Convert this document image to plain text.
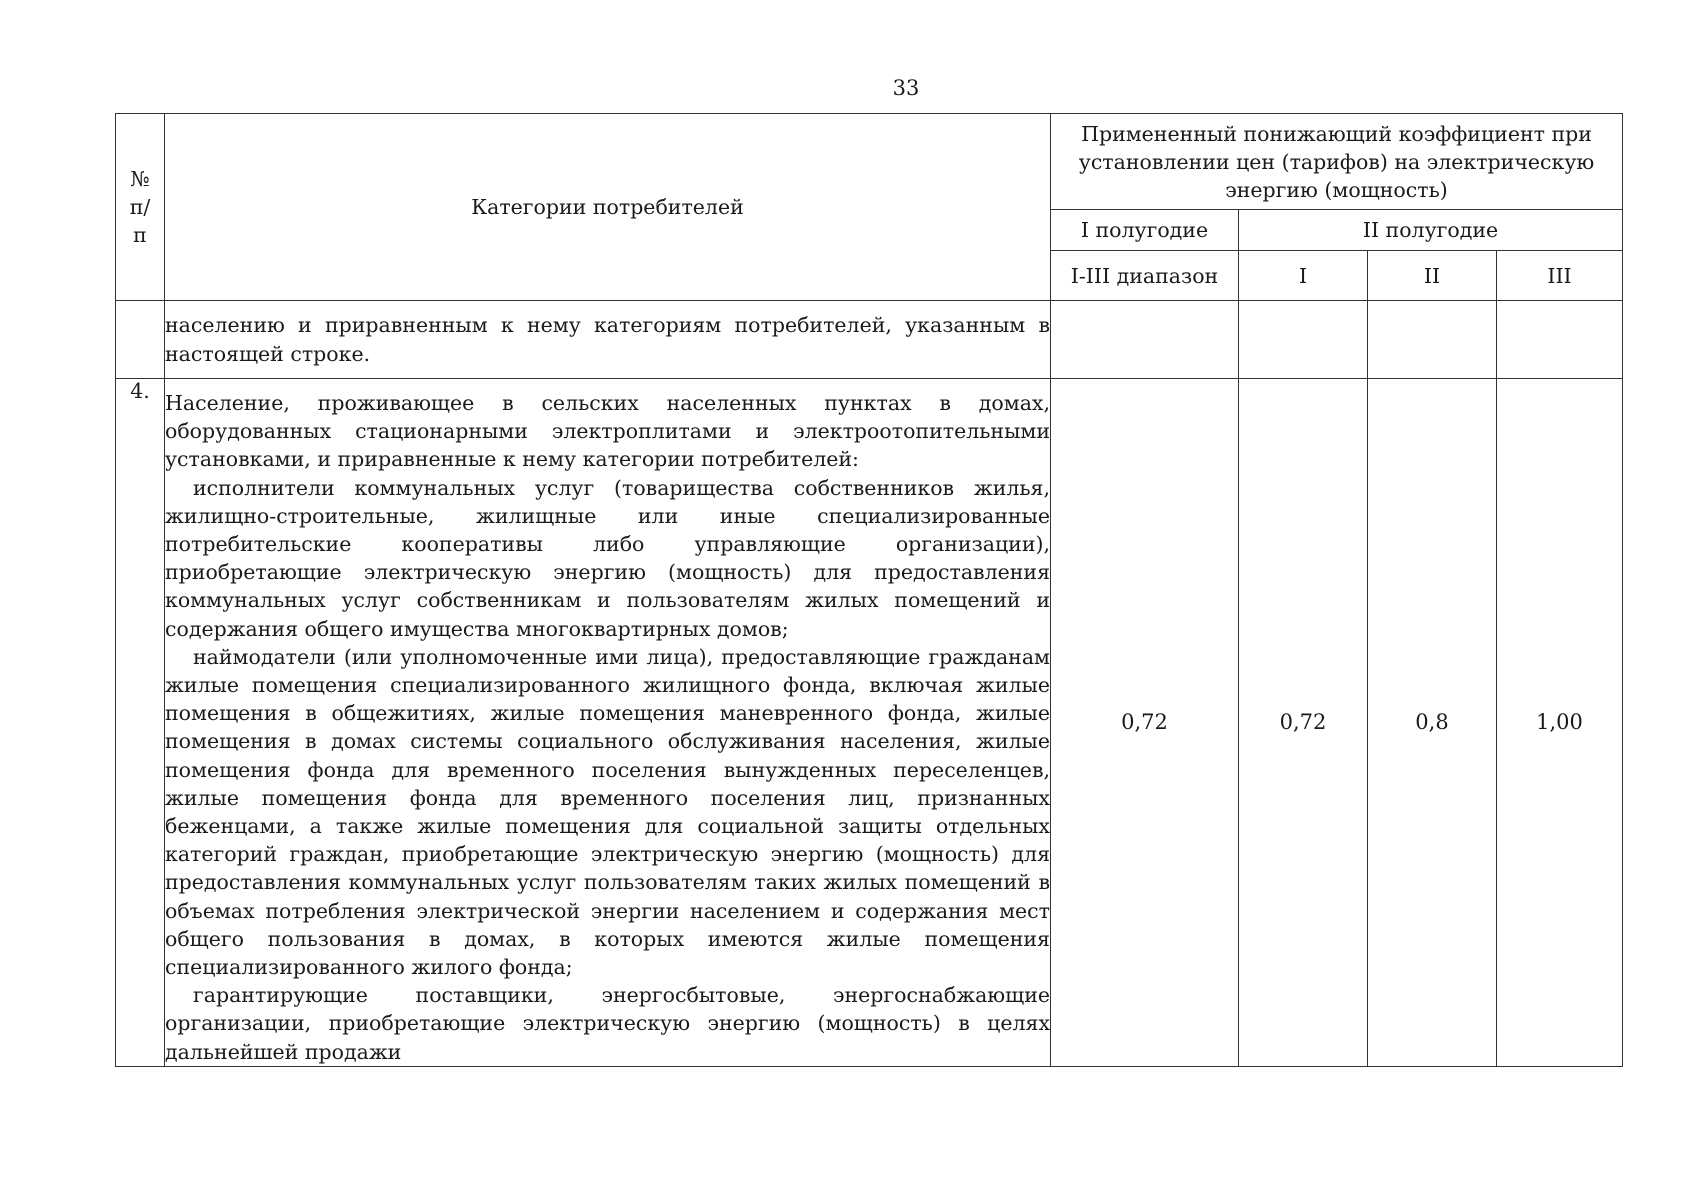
33
№ п/п	Категории потребителей	Примененный понижающий коэффициент при установлении цен (тарифов) на электрическую энергию (мощность)			

		I полугодие	II полугодие		
		I-III диапазон	I	II	III

	населению и приравненным к нему категориям потребителей, указанным в настоящей строке.				

4.	Население, проживающее в сельских населенных пунктах в домах, оборудованных стационарными электроплитами и электроотопительными установками, и приравненные к нему категории потребителей:

исполнители коммунальных услуг (товарищества собственников жилья, жилищно-строительные, жилищные или иные специализированные потребительские кооперативы либо управляющие организации), приобретающие электрическую энергию (мощность) для предоставления коммунальных услуг собственникам и пользователям жилых помещений и содержания общего имущества многоквартирных домов;

наймодатели (или уполномоченные ими лица), предоставляющие гражданам жилые помещения специализированного жилищного фонда, включая жилые помещения в общежитиях, жилые помещения маневренного фонда, жилые помещения в домах системы социального обслуживания населения, жилые помещения фонда для временного поселения вынужденных переселенцев, жилые помещения фонда для временного поселения лиц, признанных беженцами, а также жилые помещения для социальной защиты отдельных категорий граждан, приобретающие электрическую энергию (мощность) для предоставления коммунальных услуг пользователям таких жилых помещений в объемах потребления электрической энергии населением и содержания мест общего пользования в домах, в которых имеются жилые помещения специализированного жилого фонда;

гарантирующие поставщики, энергосбытовые, энергоснабжающие организации, приобретающие электрическую энергию (мощность) в целях дальнейшей продажи	0,72	0,72	0,8	1,00
